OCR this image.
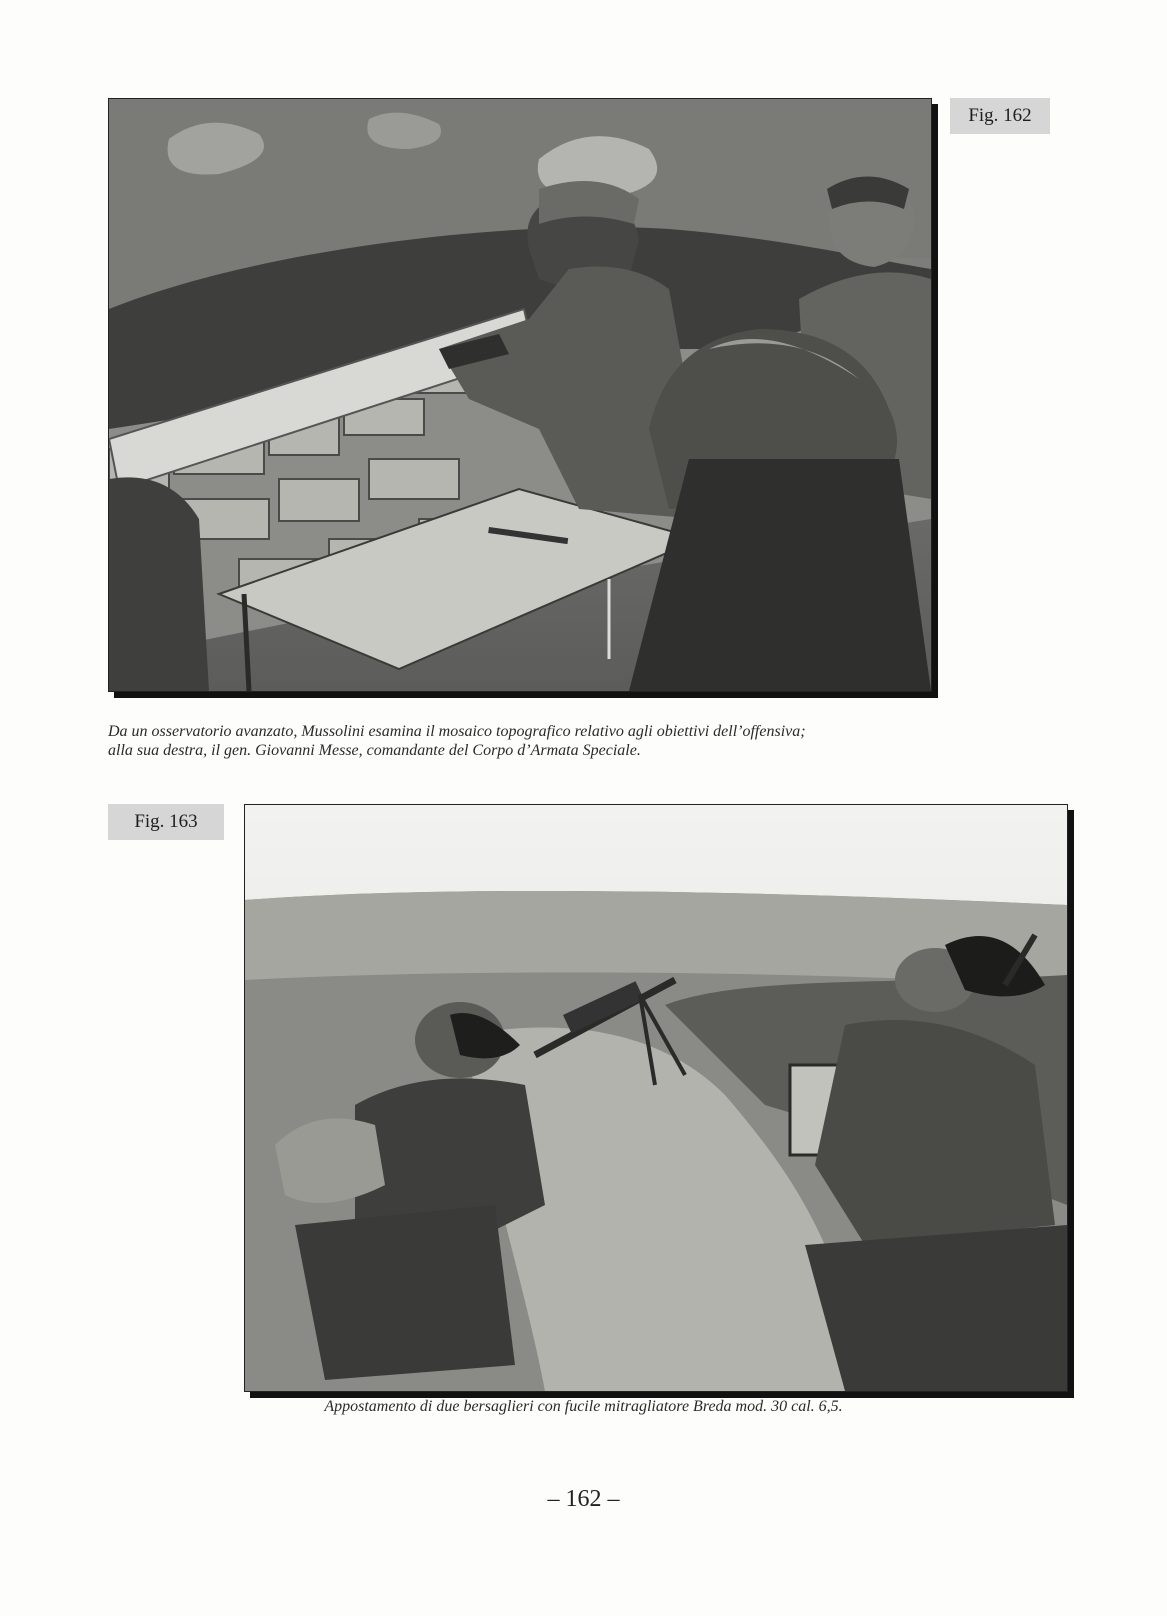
Fig. 162
Da un osservatorio avanzato, Mussolini esamina il mosaico topografico relativo agli obiettivi dell’offensiva;
alla sua destra, il gen. Giovanni Messe, comandante del Corpo d’Armata Speciale.
Fig. 163
Appostamento di due bersaglieri con fucile mitragliatore Breda mod. 30 cal. 6,5.
– 162 –
